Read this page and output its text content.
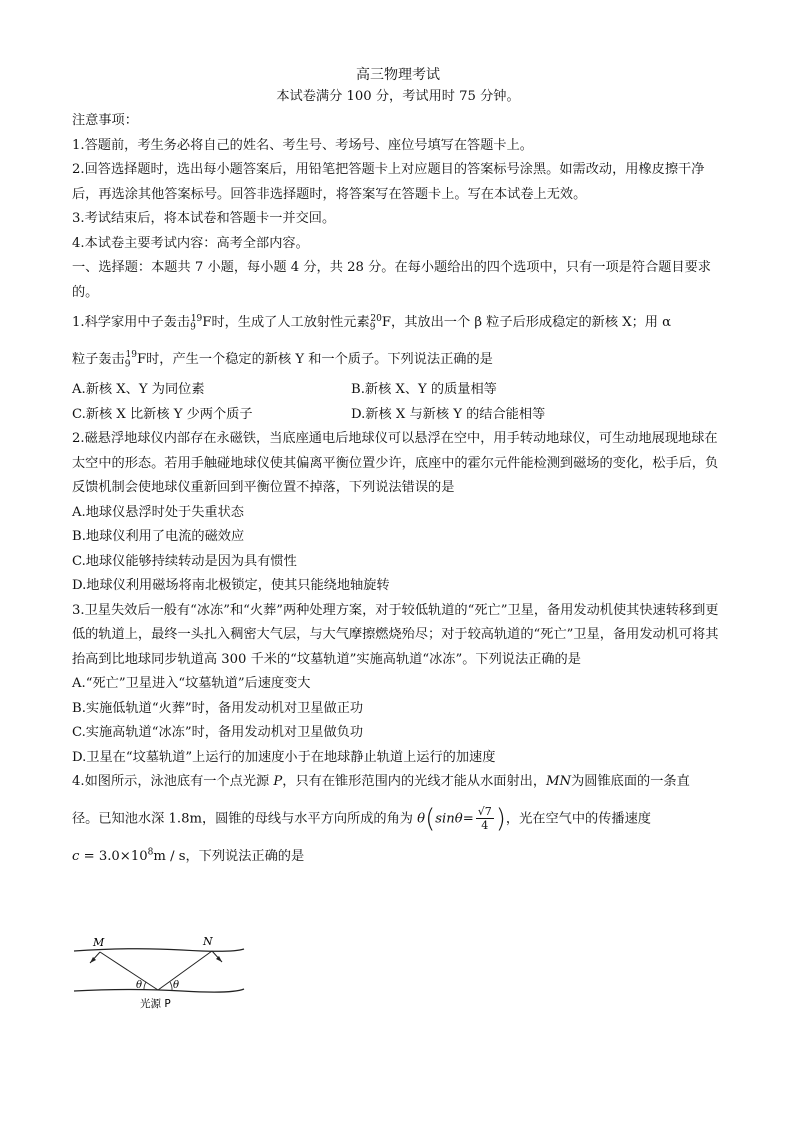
高三物理考试
本试卷满分 100 分，考试用时 75 分钟。
注意事项：
1.答题前，考生务必将自己的姓名、考生号、考场号、座位号填写在答题卡上。
2.回答选择题时，选出每小题答案后，用铅笔把答题卡上对应题目的答案标号涂黑。如需改动，用橡皮擦干净后，再选涂其他答案标号。回答非选择题时，将答案写在答题卡上。写在本试卷上无效。
3.考试结束后，将本试卷和答题卡一并交回。
4.本试卷主要考试内容：高考全部内容。
一、选择题：本题共 7 小题，每小题 4 分，共 28 分。在每小题给出的四个选项中，只有一项是符合题目要求的。
1.科学家用中子轰击$_9^{19}$F时，生成了人工放射性元素$_9^{20}$F，其放出一个 β 粒子后形成稳定的新核 X；用 α
粒子轰击$_9^{19}$F时，产生一个稳定的新核 Y 和一个质子。下列说法正确的是
A.新核 X、Y 为同位素	B.新核 X、Y 的质量相等
C.新核 X 比新核 Y 少两个质子	D.新核 X 与新核 Y 的结合能相等
2.磁悬浮地球仪内部存在永磁铁，当底座通电后地球仪可以悬浮在空中，用手转动地球仪，可生动地展现地球在太空中的形态。若用手触碰地球仪使其偏离平衡位置少许，底座中的霍尔元件能检测到磁场的变化，松手后，负反馈机制会使地球仪重新回到平衡位置不掉落，下列说法错误的是
A.地球仪悬浮时处于失重状态
B.地球仪利用了电流的磁效应
C.地球仪能够持续转动是因为具有惯性
D.地球仪利用磁场将南北极锁定，使其只能绕地轴旋转
3.卫星失效后一般有“冰冻”和“火葬”两种处理方案，对于较低轨道的“死亡”卫星，备用发动机使其快速转移到更低的轨道上，最终一头扎入稠密大气层，与大气摩擦燃烧殆尽；对于较高轨道的“死亡”卫星，备用发动机可将其抬高到比地球同步轨道高 300 千米的“坟墓轨道”实施高轨道“冰冻”。下列说法正确的是
A.“死亡”卫星进入“坟墓轨道”后速度变大
B.实施低轨道“火葬”时，备用发动机对卫星做正功
C.实施高轨道“冰冻”时，备用发动机对卫星做负功
D.卫星在“坟墓轨道”上运行的加速度小于在地球静止轨道上运行的加速度
4.如图所示，泳池底有一个点光源 P，只有在锥形范围内的光线才能从水面射出，MN为圆锥底面的一条直
径。已知池水深 1.8m，圆锥的母线与水平方向所成的角为 $\theta(\sin\theta= \frac{√7}{4}$ )，光在空气中的传播速度
$c = 3.0\times 10^8m / s$，下列说法正确的是
M	N
θ	θ
光源 P
